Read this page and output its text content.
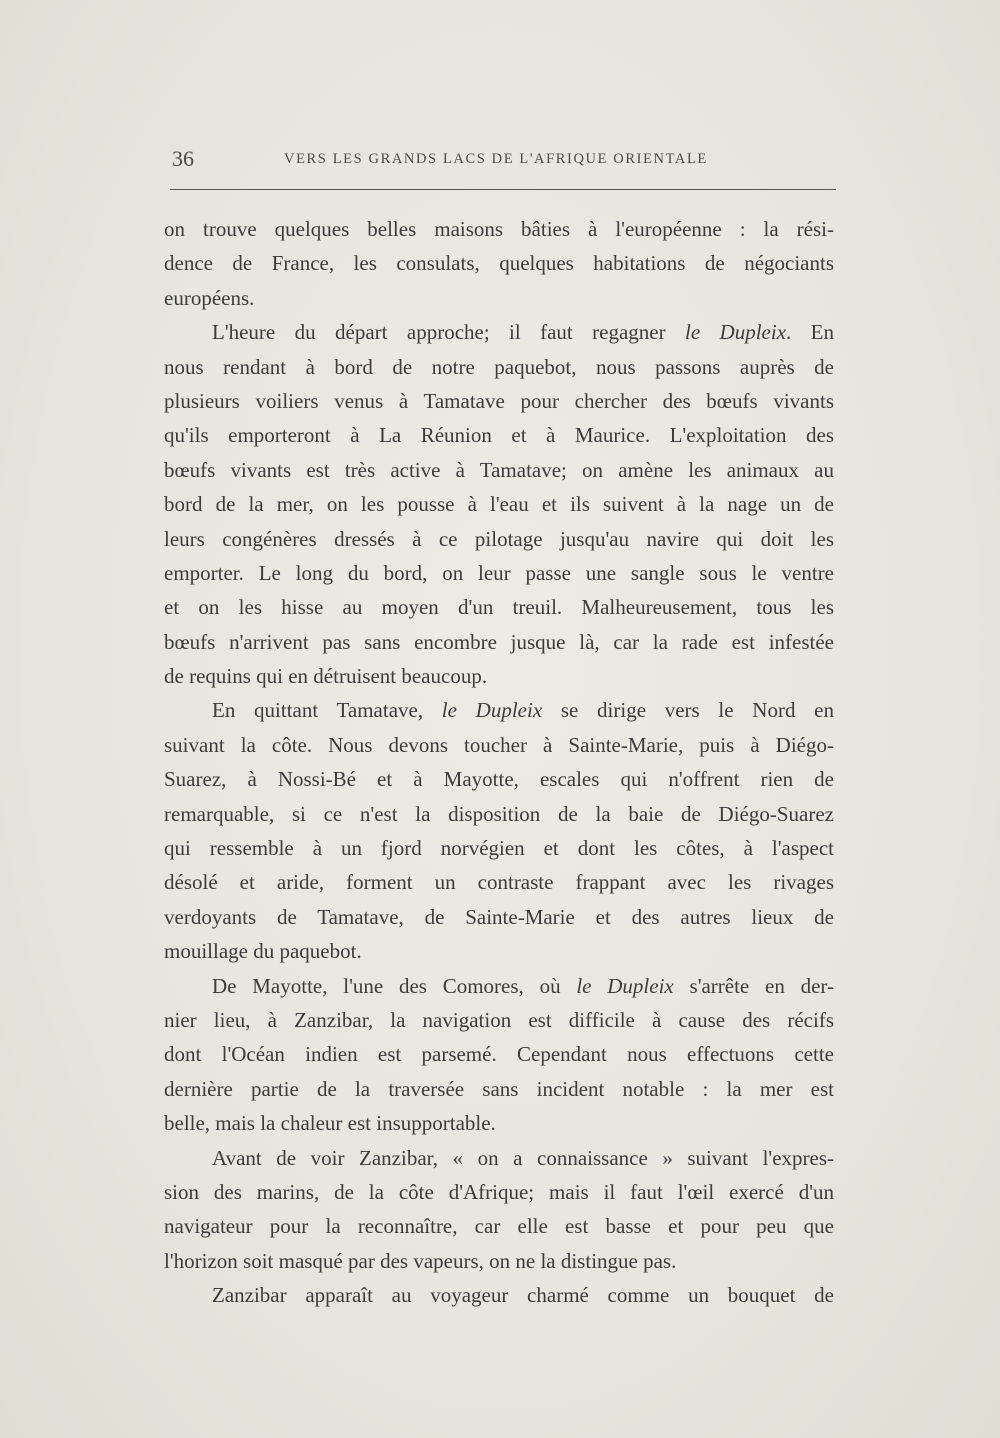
36	VERS LES GRANDS LACS DE L'AFRIQUE ORIENTALE
on trouve quelques belles maisons bâties à l'européenne : la rési-
dence de France, les consulats, quelques habitations de négociants
européens.
L'heure du départ approche; il faut regagner le Dupleix. En
nous rendant à bord de notre paquebot, nous passons auprès de
plusieurs voiliers venus à Tamatave pour chercher des bœufs vivants
qu'ils emporteront à La Réunion et à Maurice. L'exploitation des
bœufs vivants est très active à Tamatave; on amène les animaux au
bord de la mer, on les pousse à l'eau et ils suivent à la nage un de
leurs congénères dressés à ce pilotage jusqu'au navire qui doit les
emporter. Le long du bord, on leur passe une sangle sous le ventre
et on les hisse au moyen d'un treuil. Malheureusement, tous les
bœufs n'arrivent pas sans encombre jusque là, car la rade est infestée
de requins qui en détruisent beaucoup.
En quittant Tamatave, le Dupleix se dirige vers le Nord en
suivant la côte. Nous devons toucher à Sainte-Marie, puis à Diégo-
Suarez, à Nossi-Bé et à Mayotte, escales qui n'offrent rien de
remarquable, si ce n'est la disposition de la baie de Diégo-Suarez
qui ressemble à un fjord norvégien et dont les côtes, à l'aspect
désolé et aride, forment un contraste frappant avec les rivages
verdoyants de Tamatave, de Sainte-Marie et des autres lieux de
mouillage du paquebot.
De Mayotte, l'une des Comores, où le Dupleix s'arrête en der-
nier lieu, à Zanzibar, la navigation est difficile à cause des récifs
dont l'Océan indien est parsemé. Cependant nous effectuons cette
dernière partie de la traversée sans incident notable : la mer est
belle, mais la chaleur est insupportable.
Avant de voir Zanzibar, « on a connaissance » suivant l'expres-
sion des marins, de la côte d'Afrique; mais il faut l'œil exercé d'un
navigateur pour la reconnaître, car elle est basse et pour peu que
l'horizon soit masqué par des vapeurs, on ne la distingue pas.
Zanzibar apparaît au voyageur charmé comme un bouquet de
